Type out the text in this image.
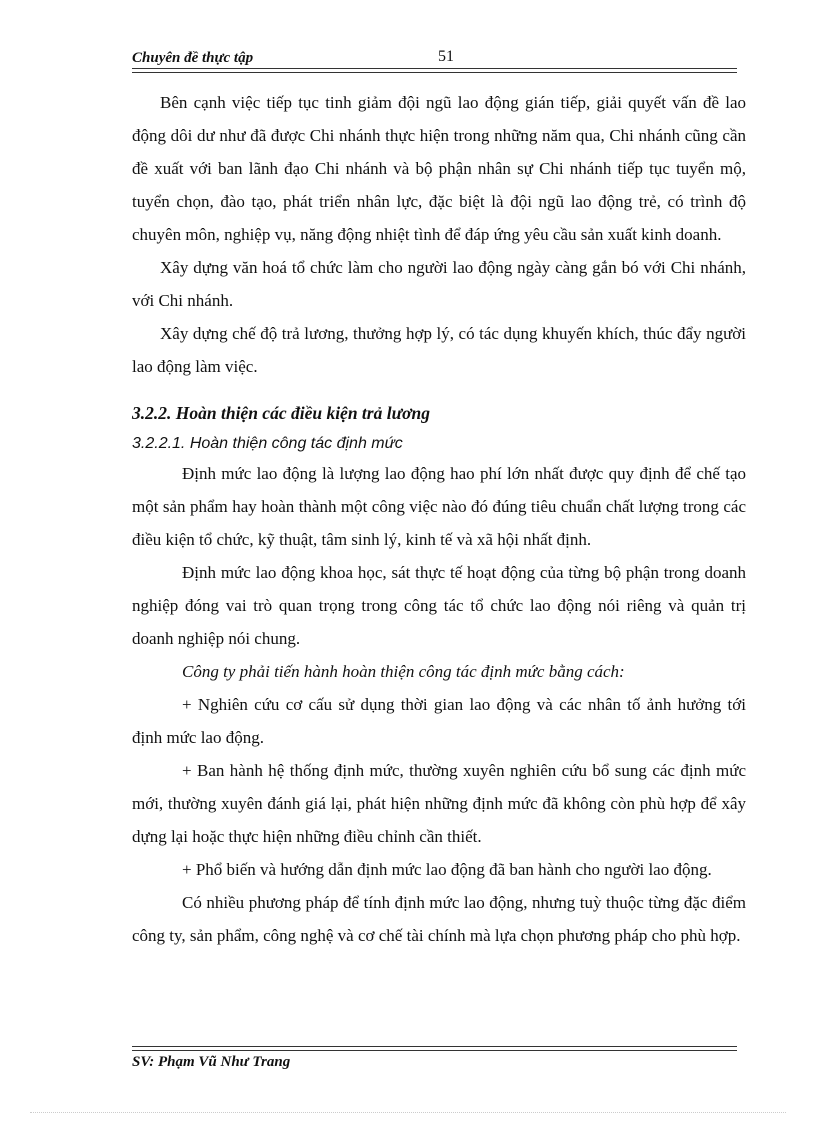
Chuyên đề thực tập	51

Bên cạnh việc tiếp tục tinh giảm đội ngũ lao động gián tiếp, giải quyết vấn đề lao động dôi dư như đã được Chi nhánh thực hiện trong những năm qua, Chi nhánh cũng cần đề xuất với ban lãnh đạo Chi nhánh và bộ phận nhân sự Chi nhánh tiếp tục tuyển mộ, tuyển chọn, đào tạo, phát triển nhân lực, đặc biệt là đội ngũ lao động trẻ, có trình độ chuyên môn, nghiệp vụ, năng động nhiệt tình để đáp ứng yêu cầu sản xuất kinh doanh.

Xây dựng văn hoá tổ chức làm cho người lao động ngày càng gắn bó với Chi nhánh, với Chi nhánh.

Xây dựng chế độ trả lương, thưởng hợp lý, có tác dụng khuyến khích, thúc đẩy người lao động làm việc.

3.2.2. Hoàn thiện các điều kiện trả lương

3.2.2.1. Hoàn thiện công tác định mức

Định mức lao động là lượng lao động hao phí lớn nhất được quy định để chế tạo một sản phẩm hay hoàn thành một công việc nào đó đúng tiêu chuẩn chất lượng trong các điều kiện tổ chức, kỹ thuật, tâm sinh lý, kinh tế và xã hội nhất định.

Định mức lao động khoa học, sát thực tế hoạt động của từng bộ phận trong doanh nghiệp đóng vai trò quan trọng trong công tác tổ chức lao động nói riêng và quản trị doanh nghiệp nói chung.

Công ty phải tiến hành hoàn thiện công tác định mức bằng cách:

+ Nghiên cứu cơ cấu sử dụng thời gian lao động và các nhân tố ảnh hưởng tới định mức lao động.

+ Ban hành hệ thống định mức, thường xuyên nghiên cứu bổ sung các định mức mới, thường xuyên đánh giá lại, phát hiện những định mức đã không còn phù hợp để xây dựng lại hoặc thực hiện những điều chỉnh cần thiết.

+ Phổ biến và hướng dẫn định mức lao động đã ban hành cho người lao động.

Có nhiều phương pháp để tính định mức lao động, nhưng tuỳ thuộc từng đặc điểm công ty, sản phẩm, công nghệ và cơ chế tài chính mà lựa chọn phương pháp cho phù hợp.

SV: Phạm Vũ Như Trang
